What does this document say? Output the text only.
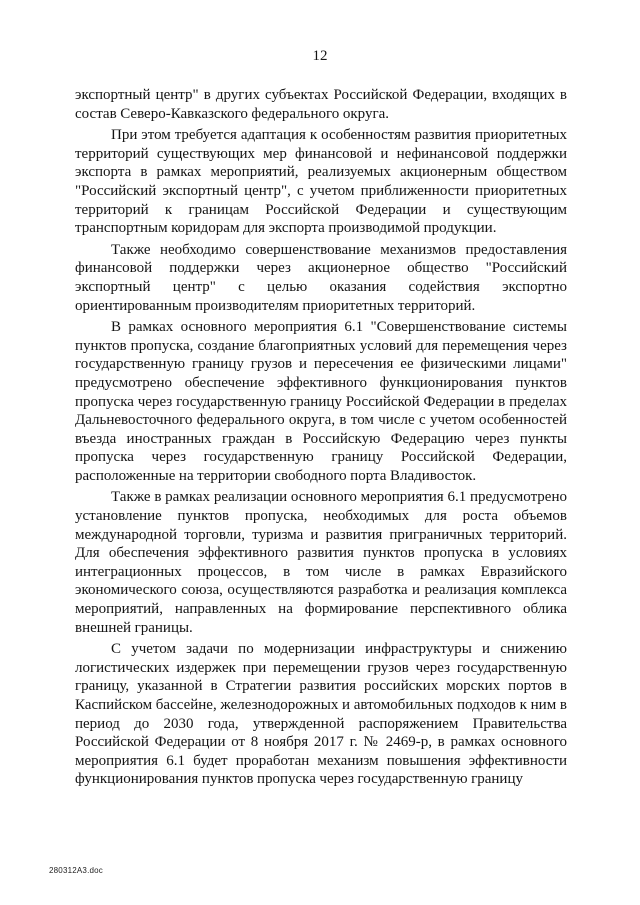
12

экспортный центр" в других субъектах Российской Федерации, входящих в состав Северо-Кавказского федерального округа.

При этом требуется адаптация к особенностям развития приоритетных территорий существующих мер финансовой и нефинансовой поддержки экспорта в рамках мероприятий, реализуемых акционерным обществом "Российский экспортный центр", с учетом приближенности приоритетных территорий к границам Российской Федерации и существующим транспортным коридорам для экспорта производимой продукции.

Также необходимо совершенствование механизмов предоставления финансовой поддержки через акционерное общество "Российский экспортный центр" с целью оказания содействия экспортно ориентированным производителям приоритетных территорий.

В рамках основного мероприятия 6.1 "Совершенствование системы пунктов пропуска, создание благоприятных условий для перемещения через государственную границу грузов и пересечения ее физическими лицами" предусмотрено обеспечение эффективного функционирования пунктов пропуска через государственную границу Российской Федерации в пределах Дальневосточного федерального округа, в том числе с учетом особенностей въезда иностранных граждан в Российскую Федерацию через пункты пропуска через государственную границу Российской Федерации, расположенные на территории свободного порта Владивосток.

Также в рамках реализации основного мероприятия 6.1 предусмотрено установление пунктов пропуска, необходимых для роста объемов международной торговли, туризма и развития приграничных территорий. Для обеспечения эффективного развития пунктов пропуска в условиях интеграционных процессов, в том числе в рамках Евразийского экономического союза, осуществляются разработка и реализация комплекса мероприятий, направленных на формирование перспективного облика внешней границы.

С учетом задачи по модернизации инфраструктуры и снижению логистических издержек при перемещении грузов через государственную границу, указанной в Стратегии развития российских морских портов в Каспийском бассейне, железнодорожных и автомобильных подходов к ним в период до 2030 года, утвержденной распоряжением Правительства Российской Федерации от 8 ноября 2017 г. № 2469-р, в рамках основного мероприятия 6.1 будет проработан механизм повышения эффективности функционирования пунктов пропуска через государственную границу

280312A3.doc
